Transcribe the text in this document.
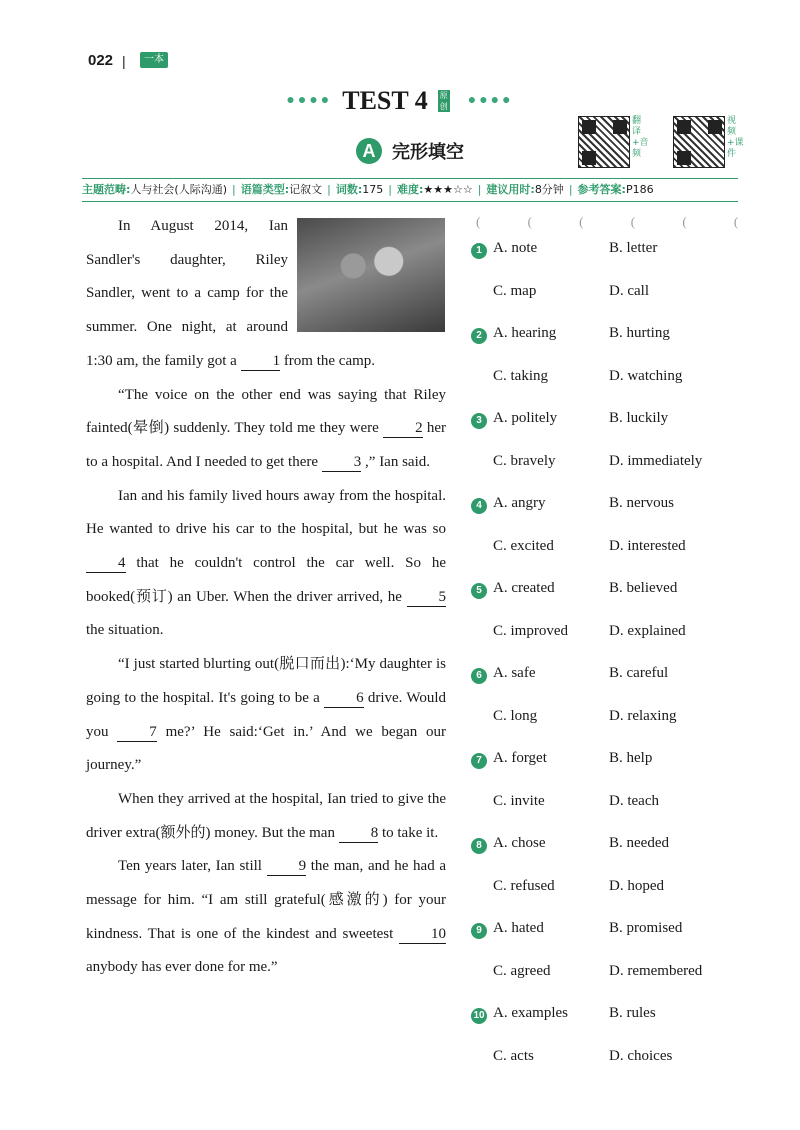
022 |	一本
●●●● TEST 4 原创 ●●●●
A 完形填空
翻译+音频
视频+课件
主题范畴:人与社会(人际沟通) | 语篇类型:记叙文 | 词数:175 | 难度:★★★☆☆ | 建议用时:8分钟 | 参考答案:P186

In August 2014, Ian Sandler's daughter, Riley Sandler, went to a camp for the summer. One night, at around 1:30 am, the family got a 1 from the camp.

“The voice on the other end was saying that Riley fainted(晕倒) suddenly. They told me they were 2 her to a hospital. And I needed to get there 3 ,” Ian said.

Ian and his family lived hours away from the hospital. He wanted to drive his car to the hospital, but he was so 4 that he couldn't control the car well. So he booked(预订) an Uber. When the driver arrived, he 5 the situation.

“I just started blurting out(脱口而出):‘My daughter is going to the hospital. It's going to be a 6 drive. Would you	7 me?’ He said:‘Get in.’ And we began our journey.”

When they arrived at the hospital, Ian tried to give the driver extra(额外的) money. But the man 8 to take it.

Ten years later, Ian still 9 the man, and he had a message for him. “I am still grateful(感激的) for your kindness. That is one of the kindest and sweetest	10 anybody has ever done for me.”

1 A. note	B. letter
C. map	D. call
2 A. hearing	B. hurting
C. taking	D. watching
3 A. politely	B. luckily
C. bravely	D. immediately
4 A. angry	B. nervous
C. excited	D. interested
5 A. created	B. believed
C. improved	D. explained
6 A. safe	B. careful
C. long	D. relaxing
7 A. forget	B. help
C. invite	D. teach
8 A. chose	B. needed
C. refused	D. hoped
9 A. hated	B. promised
C. agreed	D. remembered
10 A. examples	B. rules
C. acts	D. choices
( ( ( ( ( (
